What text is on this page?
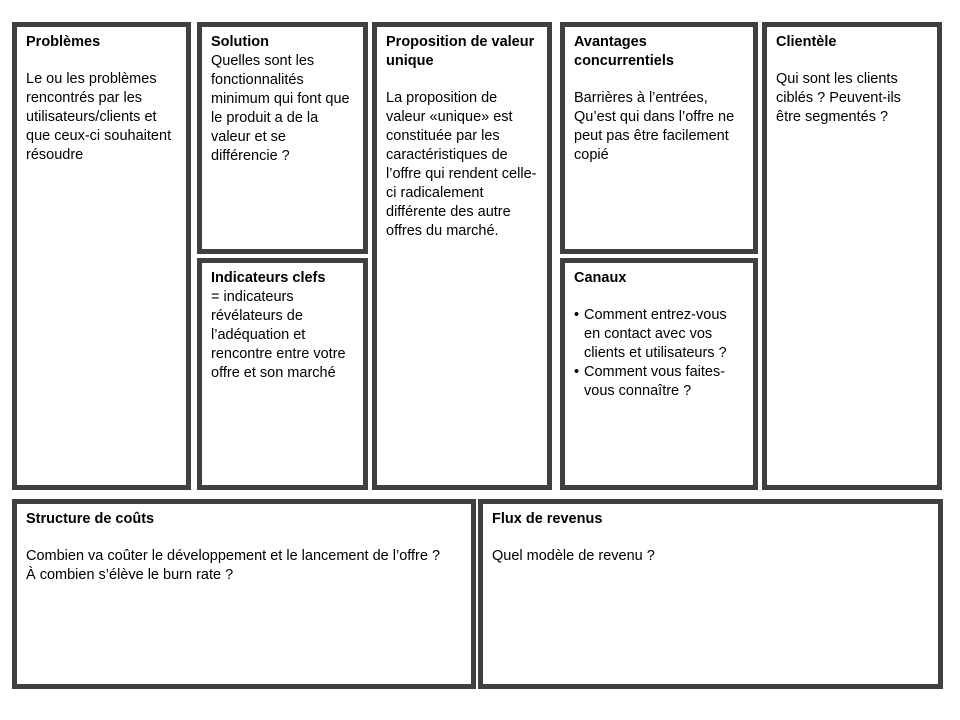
Problèmes
Le ou les problèmes rencontrés par les utilisateurs/clients et que ceux-ci souhaitent résoudre
Solution
Quelles sont les fonctionnalités minimum qui font que le produit a de la valeur et se différencie ?
Indicateurs clefs
= indicateurs révélateurs de l’adéquation et rencontre entre votre offre et son marché
Proposition de valeur unique
La proposition de valeur «unique» est constituée par les caractéristiques de l’offre qui rendent celle-ci radicalement différente des autre offres du marché.
Avantages concurrentiels
Barrières à l’entrées, Qu’est qui dans l’offre ne peut pas être facilement copié
Canaux
• Comment entrez-vous en contact avec vos clients et utilisateurs ?
• Comment vous faites-vous connaître ?
Clientèle
Qui sont les clients ciblés ? Peuvent-ils être segmentés ?
Structure de coûts
Combien va coûter le développement et le lancement de l’offre ?
À combien s’élève le burn rate ?
Flux de revenus
Quel modèle de revenu ?
